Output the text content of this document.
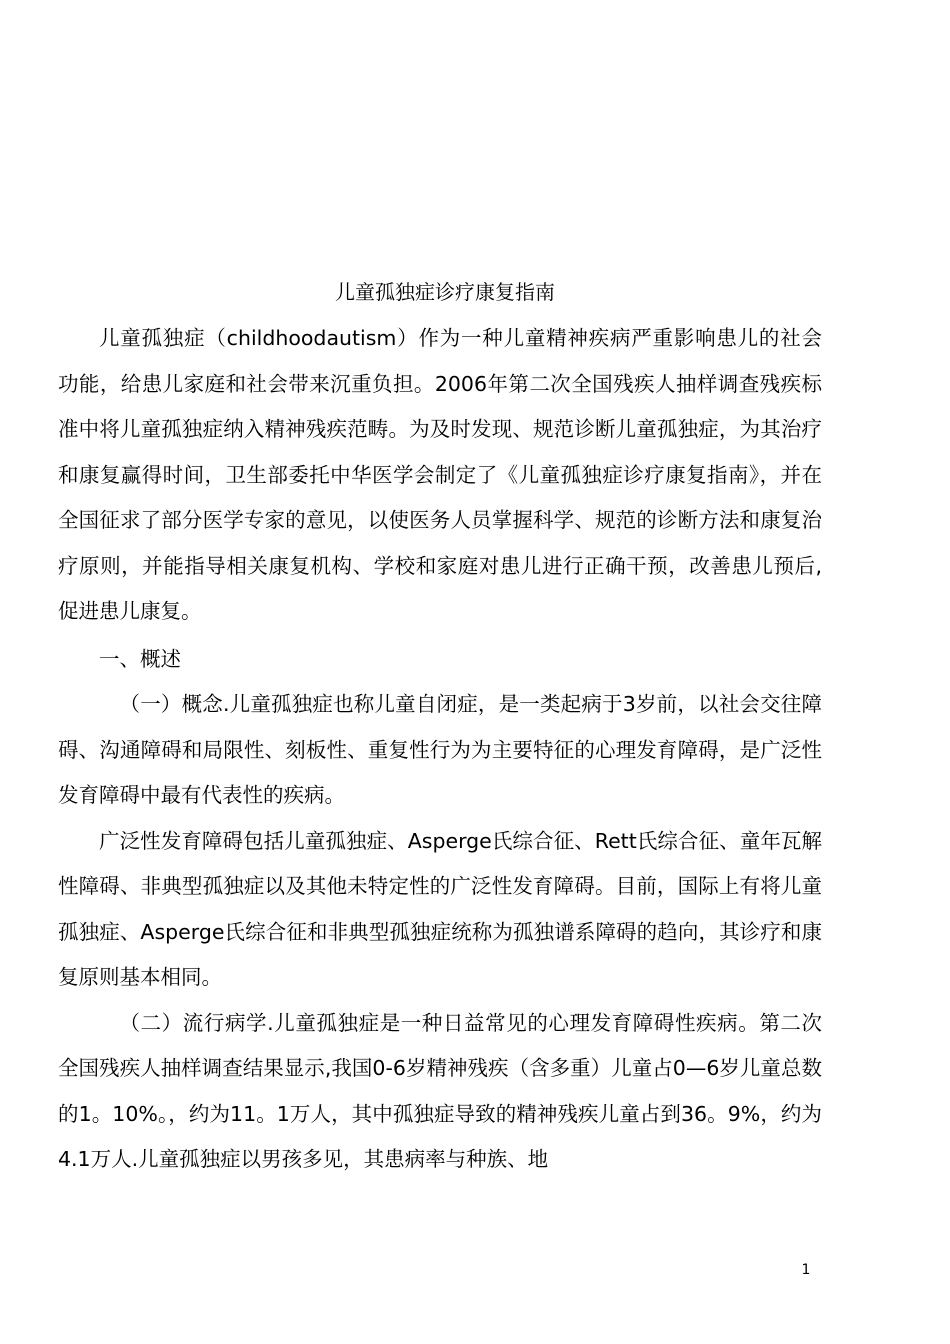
儿童孤独症诊疗康复指南

儿童孤独症（childhoodautism）作为一种儿童精神疾病严重影响患儿的社会功能，给患儿家庭和社会带来沉重负担。2006年第二次全国残疾人抽样调查残疾标准中将儿童孤独症纳入精神残疾范畴。为及时发现、规范诊断儿童孤独症，为其治疗和康复赢得时间，卫生部委托中华医学会制定了《儿童孤独症诊疗康复指南》，并在全国征求了部分医学专家的意见，以使医务人员掌握科学、规范的诊断方法和康复治疗原则，并能指导相关康复机构、学校和家庭对患儿进行正确干预，改善患儿预后,促进患儿康复。

一、概述

（一）概念.儿童孤独症也称儿童自闭症，是一类起病于3岁前，以社会交往障碍、沟通障碍和局限性、刻板性、重复性行为为主要特征的心理发育障碍，是广泛性发育障碍中最有代表性的疾病。

广泛性发育障碍包括儿童孤独症、Asperge氏综合征、Rett氏综合征、童年瓦解性障碍、非典型孤独症以及其他未特定性的广泛性发育障碍。目前，国际上有将儿童孤独症、Asperge氏综合征和非典型孤独症统称为孤独谱系障碍的趋向，其诊疗和康复原则基本相同。

（二）流行病学.儿童孤独症是一种日益常见的心理发育障碍性疾病。第二次全国残疾人抽样调查结果显示,我国0-6岁精神残疾（含多重）儿童占0—6岁儿童总数的1。10%。，约为11。1万人，其中孤独症导致的精神残疾儿童占到36。9%，约为4.1万人.儿童孤独症以男孩多见，其患病率与种族、地

1
